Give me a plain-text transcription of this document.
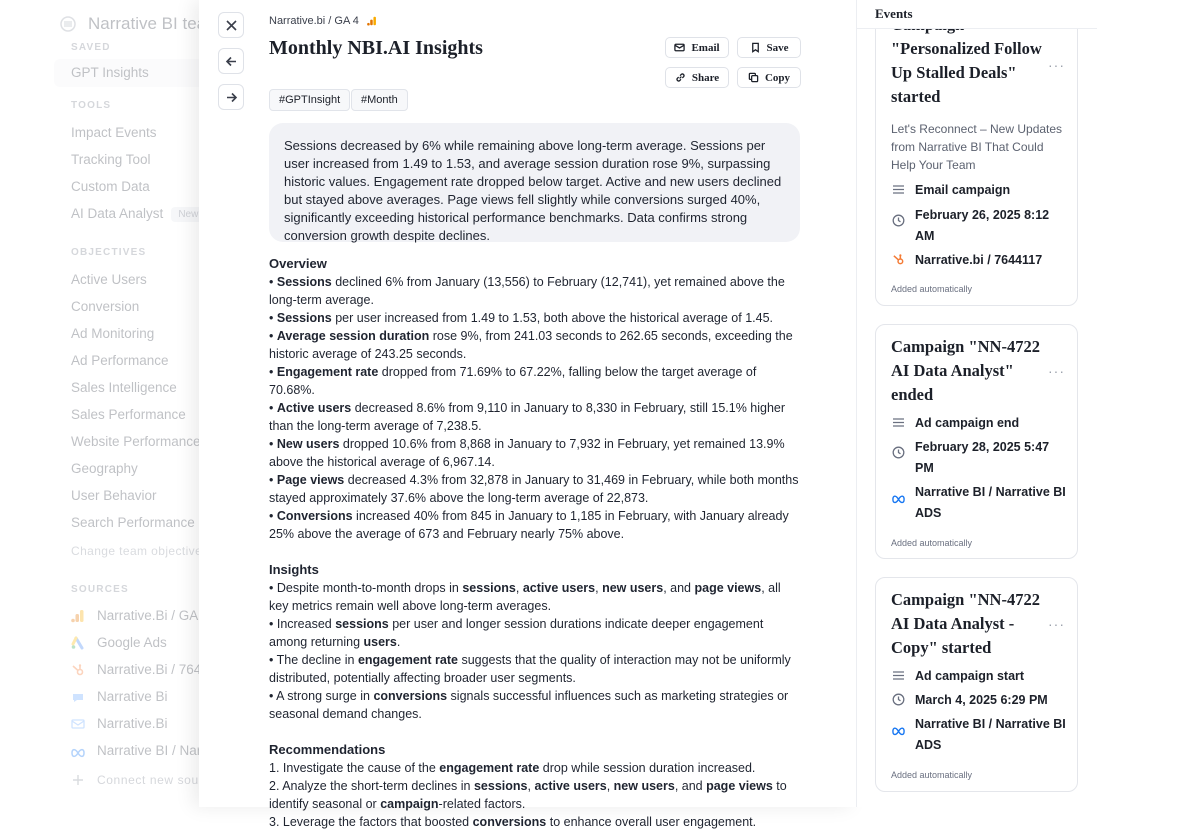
Narrative.bi / GA 4
Monthly NBI.AI Insights	Email	Save
Share	Copy
#GPTInsight	#Month
Sessions decreased by 6% while remaining above long-term average. Sessions per user increased from 1.49 to 1.53, and average session duration rose 9%, surpassing historic values. Engagement rate dropped below target. Active and new users declined but stayed above averages. Page views fell slightly while conversions surged 40%, significantly exceeding historical performance benchmarks. Data confirms strong conversion growth despite declines.
Overview

• Sessions declined 6% from January (13,556) to February (12,741), yet remained above the long-term average.

• Sessions per user increased from 1.49 to 1.53, both above the historical average of 1.45.

• Average session duration rose 9%, from 241.03 seconds to 262.65 seconds, exceeding the historic average of 243.25 seconds.

• Engagement rate dropped from 71.69% to 67.22%, falling below the target average of 70.68%.

• Active users decreased 8.6% from 9,110 in January to 8,330 in February, still 15.1% higher than the long-term average of 7,238.5.

• New users dropped 10.6% from 8,868 in January to 7,932 in February, yet remained 13.9% above the historical average of 6,967.14.

• Page views decreased 4.3% from 32,878 in January to 31,469 in February, while both months stayed approximately 37.6% above the long-term average of 22,873.

• Conversions increased 40% from 845 in January to 1,185 in February, with January already 25% above the average of 673 and February nearly 75% above.

Insights

• Despite month-to-month drops in sessions, active users, new users, and page views, all key metrics remain well above long-term averages.

• Increased sessions per user and longer session durations indicate deeper engagement among returning users.

• The decline in engagement rate suggests that the quality of interaction may not be uniformly distributed, potentially affecting broader user segments.

• A strong surge in conversions signals successful influences such as marketing strategies or seasonal demand changes.

Recommendations

1. Investigate the cause of the engagement rate drop while session duration increased.

2. Analyze the short-term declines in sessions, active users, new users, and page views to identify seasonal or campaign-related factors.

3. Leverage the factors that boosted conversions to enhance overall user engagement.

"Personalized Follow Up Stalled Deals" started
···
Let's Reconnect – New Updates from Narrative BI That Could Help Your Team
Email campaign
February 26, 2025 8:12 AM
Narrative.bi / 7644117
Added automatically
Campaign "NN-4722 AI Data Analyst" ended
···
Ad campaign end
February 28, 2025 5:47 PM
Narrative BI / Narrative BI ADS
Added automatically
Campaign "NN-4722 AI Data Analyst - Copy" started
···
Ad campaign start
March 4, 2025 6:29 PM
Narrative BI / Narrative BI ADS
Added automatically
Events
